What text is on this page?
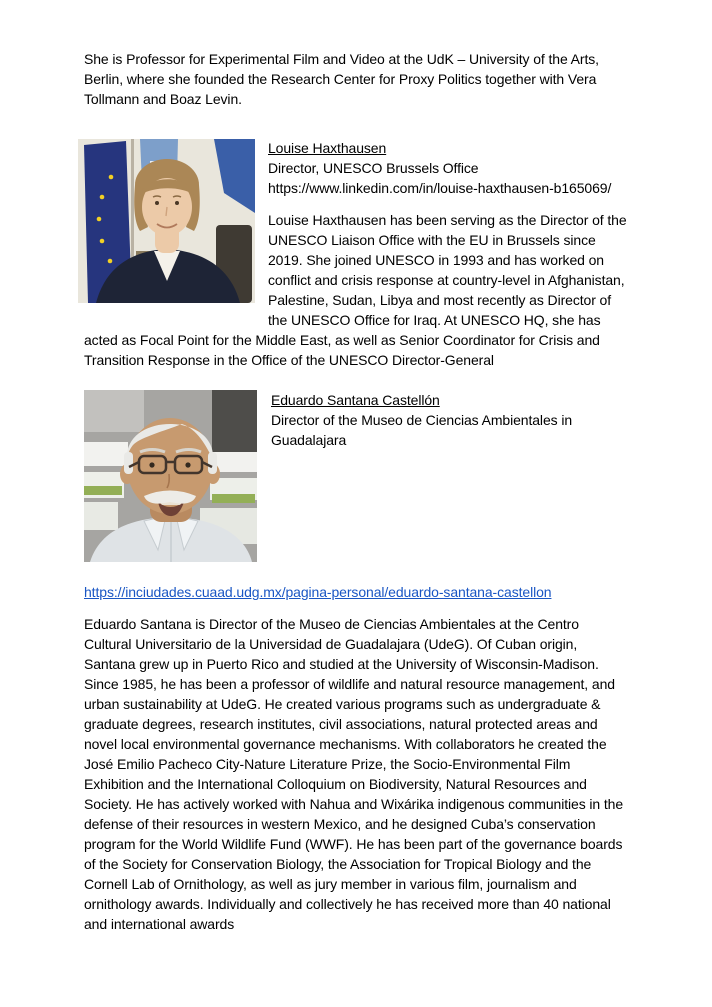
She is Professor for Experimental Film and Video at the UdK – University of the Arts, Berlin, where she founded the Research Center for Proxy Politics together with Vera Tollmann and Boaz Levin.

Louise Haxthausen
Director, UNESCO Brussels Office
https://www.linkedin.com/in/louise-haxthausen-b165069/

Louise Haxthausen has been serving as the Director of the UNESCO Liaison Office with the EU in Brussels since 2019. She joined UNESCO in 1993 and has worked on conflict and crisis response at country-level in Afghanistan, Palestine, Sudan, Libya and most recently as Director of the UNESCO Office for Iraq. At UNESCO HQ, she has acted as Focal Point for the Middle East, as well as Senior Coordinator for Crisis and Transition Response in the Office of the UNESCO Director-General

Eduardo Santana Castellón
Director of the Museo de Ciencias Ambientales in Guadalajara
https://inciudades.cuaad.udg.mx/pagina-personal/eduardo-santana-castellon

Eduardo Santana is Director of the Museo de Ciencias Ambientales at the Centro Cultural Universitario de la Universidad de Guadalajara (UdeG). Of Cuban origin, Santana grew up in Puerto Rico and studied at the University of Wisconsin-Madison. Since 1985, he has been a professor of wildlife and natural resource management, and urban sustainability at UdeG. He created various programs such as undergraduate & graduate degrees, research institutes, civil associations, natural protected areas and novel local environmental governance mechanisms. With collaborators he created the José Emilio Pacheco City-Nature Literature Prize, the Socio-Environmental Film Exhibition and the International Colloquium on Biodiversity, Natural Resources and Society. He has actively worked with Nahua and Wixárika indigenous communities in the defense of their resources in western Mexico, and he designed Cuba’s conservation program for the World Wildlife Fund (WWF). He has been part of the governance boards of the Society for Conservation Biology, the Association for Tropical Biology and the Cornell Lab of Ornithology, as well as jury member in various film, journalism and ornithology awards. Individually and collectively he has received more than 40 national and international awards
